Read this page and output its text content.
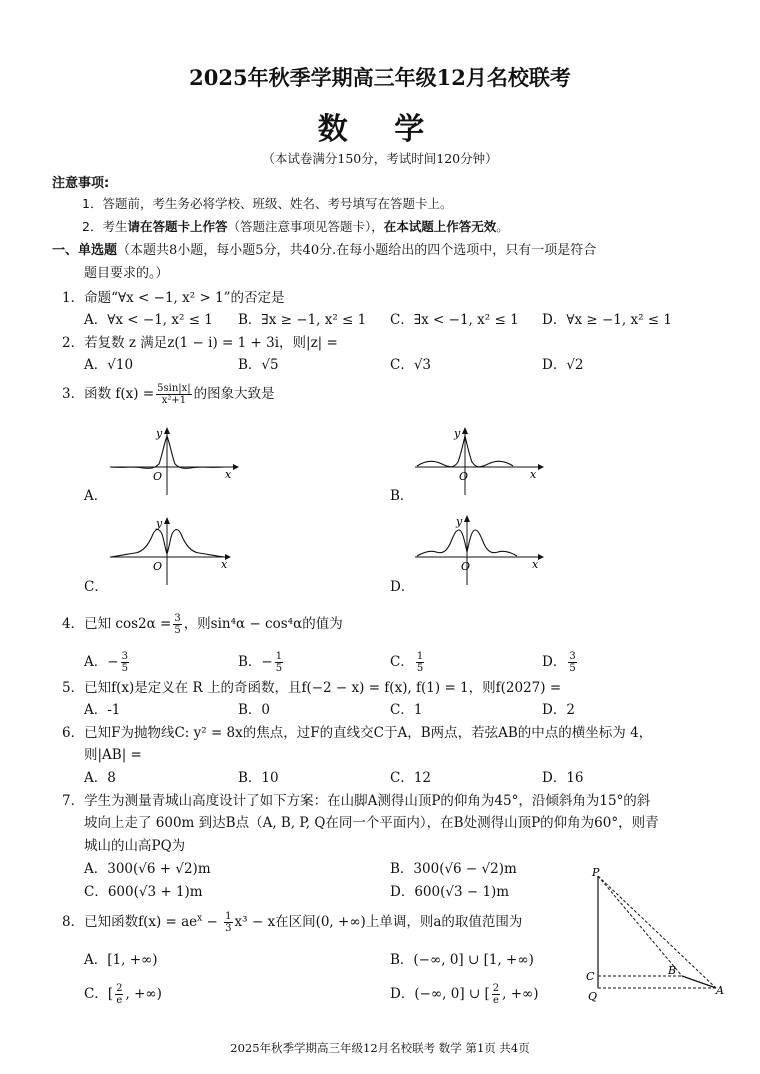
2025年秋季学期高三年级12月名校联考
数 学
（本试卷满分150分，考试时间120分钟）
注意事项:
1．答题前，考生务必将学校、班级、姓名、考号填写在答题卡上。
2．考生请在答题卡上作答（答题注意事项见答题卡），在本试题上作答无效。
一、单选题（本题共8小题，每小题5分，共40分.在每小题给出的四个选项中，只有一项是符合
题目要求的。）
1．命题“∀x < −1, x² > 1”的否定是
A．∀x < −1, x² ≤ 1 B．∃x ≥ −1, x² ≤ 1 C．∃x < −1, x² ≤ 1 D．∀x ≥ −1, x² ≤ 1
2．若复数 z 满足z(1 − i) = 1 + 3i，则|z| =
A．√10	B．√5	C．√3	D．√2
3．函数 $f(x) = \frac{5\sin|x|}{\text{x²+1}}$ 的图象大致是
A．	B．
C．	D．
y
O	x
y
O	x
y
O	x
y
O	x
4．已知 $\cos 2\alpha = \frac{3}{5}$ ，则sin⁴α − cos⁴α的值为
A．− $\frac{3}{5}$	B．− $\frac{1}{5}$	C． $\frac{1}{5}$	D． $\frac{3}{5}$
5．已知f(x)是定义在 R 上的奇函数，且f(−2 − x) = f(x), f(1) = 1，则f(2027) =
A．-1	B．0	C．1	D．2
6．已知F为抛物线C: y² = 8x的焦点，过F的直线交C于A，B两点，若弦AB的中点的横坐标为 4，
则|AB| =
A．8	B．10	C．12	D．16
7．学生为测量青城山高度设计了如下方案：在山脚A测得山顶P的仰角为45°，沿倾斜角为15°的斜
坡向上走了 600m 到达B点（A, B, P, Q在同一个平面内），在B处测得山顶P的仰角为60°，则青
城山的山高PQ为
A．300(√6 + √2)m	B．300(√6 − √2)m
C．600(√3 + 1)m	D．600(√3 − 1)m
8．已知函数$f(x) = ae^x - \frac{1}{3} x^3 - x$在区间(0, +∞)上单调，则a的取值范围为
A．[1, +∞)	B．(−∞, 0] ∪ [1, +∞)
C．[ $\frac{2}{e}$ , +∞)	D．(−∞, 0] ∪ [ $\frac{2}{e}$ , +∞)
P
C
Q
B
A
2025年秋季学期高三年级12月名校联考 数学 第1页 共4页
